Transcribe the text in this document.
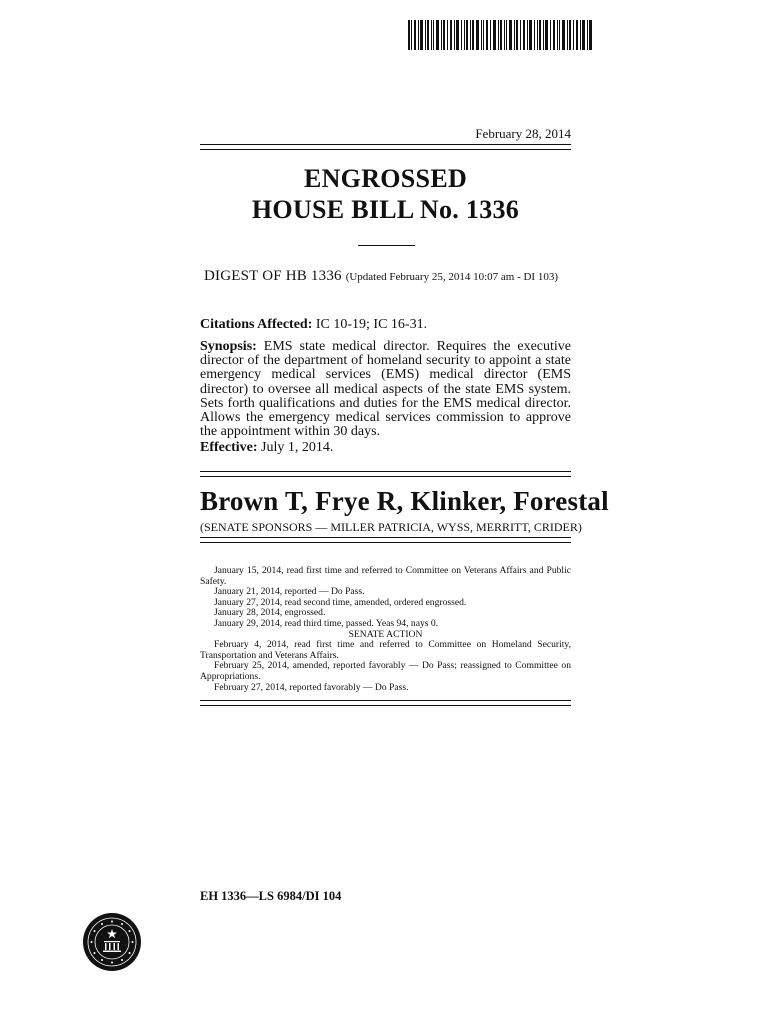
February 28, 2014
ENGROSSED
HOUSE BILL No. 1336
DIGEST OF HB 1336 (Updated February 25, 2014 10:07 am - DI 103)
Citations Affected: IC 10-19; IC 16-31.
Synopsis: EMS state medical director. Requires the executive director of the department of homeland security to appoint a state emergency medical services (EMS) medical director (EMS director) to oversee all medical aspects of the state EMS system. Sets forth qualifications and duties for the EMS medical director. Allows the emergency medical services commission to approve the appointment within 30 days.
Effective: July 1, 2014.
Brown T, Frye R, Klinker, Forestal
(SENATE SPONSORS — MILLER PATRICIA, WYSS, MERRITT, CRIDER)

January 15, 2014, read first time and referred to Committee on Veterans Affairs and Public Safety.

January 21, 2014, reported — Do Pass.

January 27, 2014, read second time, amended, ordered engrossed.

January 28, 2014, engrossed.

January 29, 2014, read third time, passed. Yeas 94, nays 0.

SENATE ACTION

February 4, 2014, read first time and referred to Committee on Homeland Security, Transportation and Veterans Affairs.

February 25, 2014, amended, reported favorably — Do Pass; reassigned to Committee on Appropriations.

February 27, 2014, reported favorably — Do Pass.

EH 1336—LS 6984/DI 104
